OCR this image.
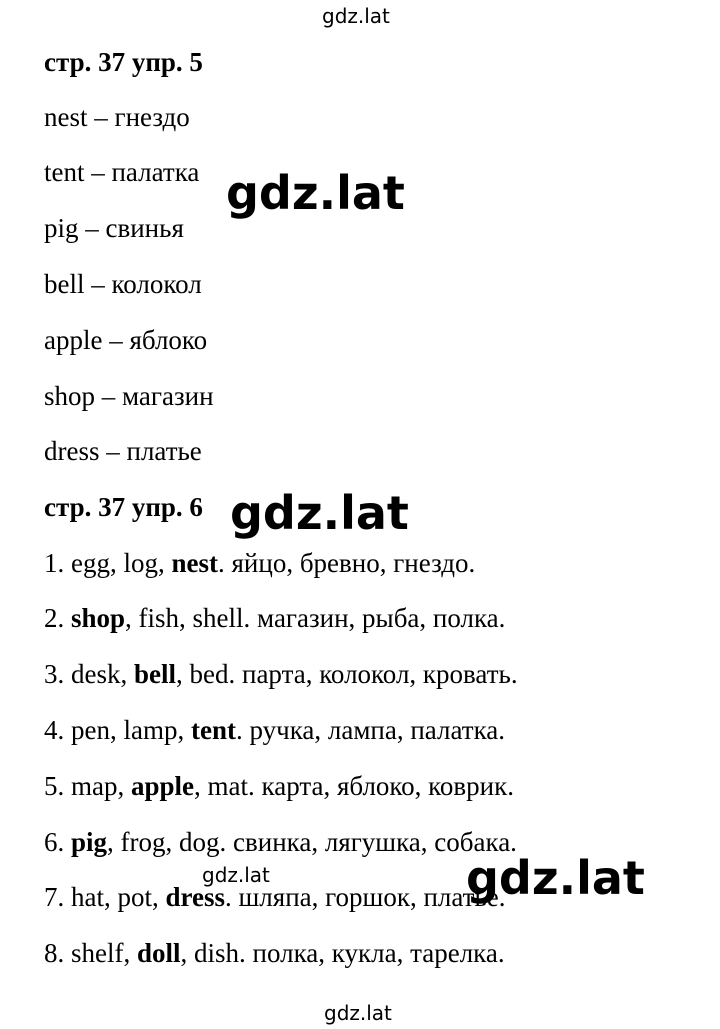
gdz.lat
gdz.lat
gdz.lat
gdz.lat	gdz.lat
gdz.lat
стр. 37 упр. 5
nest – гнездо
tent – палатка
pig – свинья
bell – колокол
apple – яблоко
shop – магазин
dress – платье
стр. 37 упр. 6
1. egg, log, nest. яйцо, бревно, гнездо.
2. shop, fish, shell. магазин, рыба, полка.
3. desk, bell, bed. парта, колокол, кровать.
4. pen, lamp, tent. ручка, лампа, палатка.
5. map, apple, mat. карта, яблоко, коврик.
6. pig, frog, dog. свинка, лягушка, собака.
7. hat, pot, dress. шляпа, горшок, платье.
8. shelf, doll, dish. полка, кукла, тарелка.
